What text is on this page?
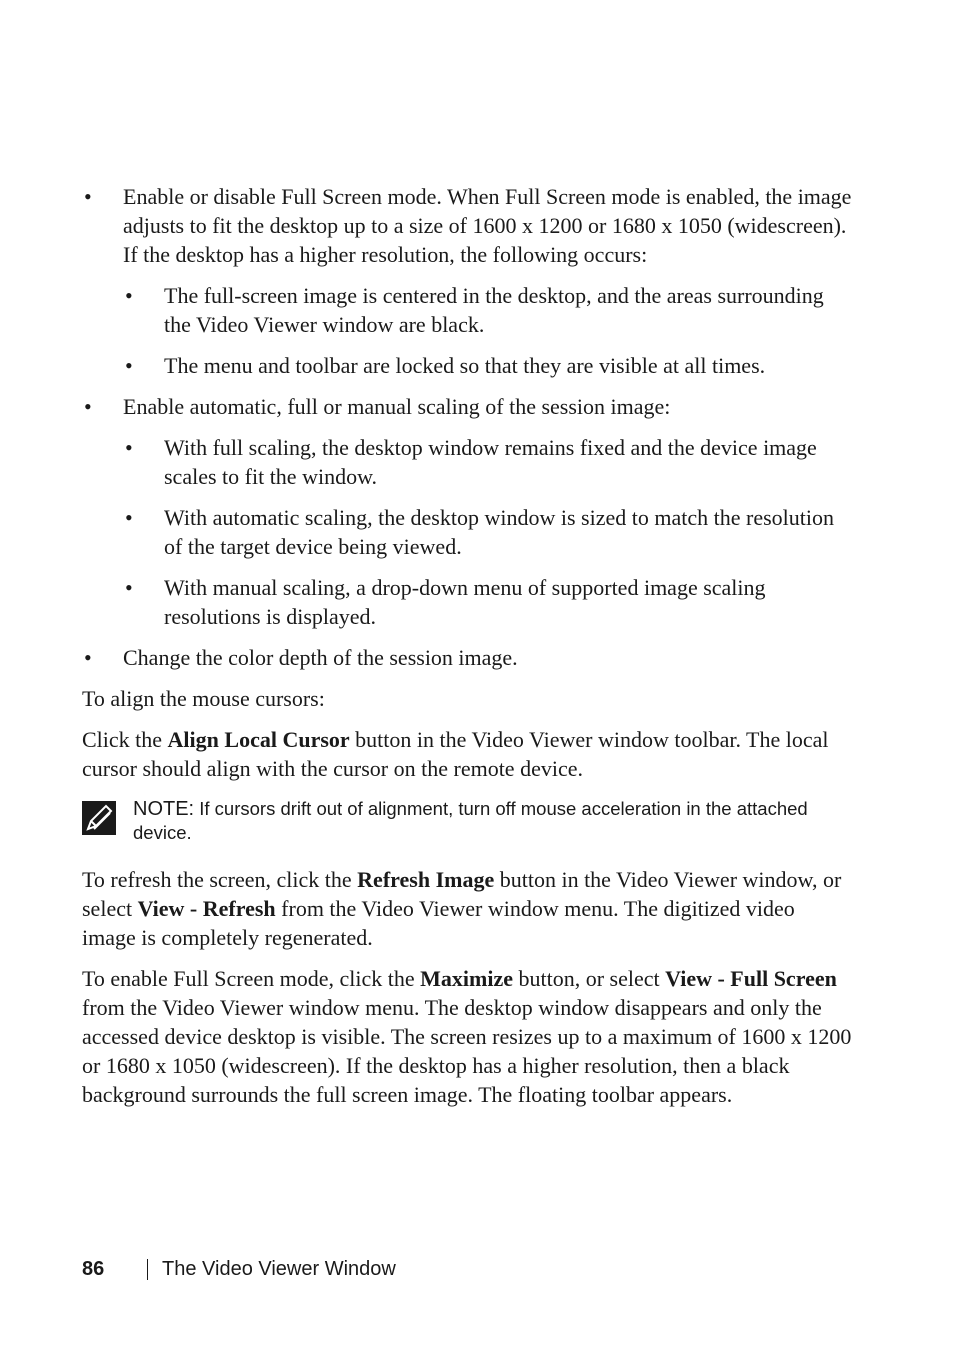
• Enable or disable Full Screen mode. When Full Screen mode is enabled, the image adjusts to fit the desktop up to a size of 1600 x 1200 or 1680 x 1050 (widescreen). If the desktop has a higher resolution, the following occurs:
• The full-screen image is centered in the desktop, and the areas surrounding the Video Viewer window are black.
• The menu and toolbar are locked so that they are visible at all times.
• Enable automatic, full or manual scaling of the session image:
• With full scaling, the desktop window remains fixed and the device image scales to fit the window.
• With automatic scaling, the desktop window is sized to match the resolution of the target device being viewed.
• With manual scaling, a drop-down menu of supported image scaling resolutions is displayed.
• Change the color depth of the session image.

To align the mouse cursors:

Click the Align Local Cursor button in the Video Viewer window toolbar. The local cursor should align with the cursor on the remote device.

NOTE: If cursors drift out of alignment, turn off mouse acceleration in the attached device.

To refresh the screen, click the Refresh Image button in the Video Viewer window, or select View - Refresh from the Video Viewer window menu. The digitized video image is completely regenerated.

To enable Full Screen mode, click the Maximize button, or select View - Full Screen from the Video Viewer window menu. The desktop window disappears and only the accessed device desktop is visible. The screen resizes up to a maximum of 1600 x 1200 or 1680 x 1050 (widescreen). If the desktop has a higher resolution, then a black background surrounds the full screen image. The floating toolbar appears.

86	The Video Viewer Window
